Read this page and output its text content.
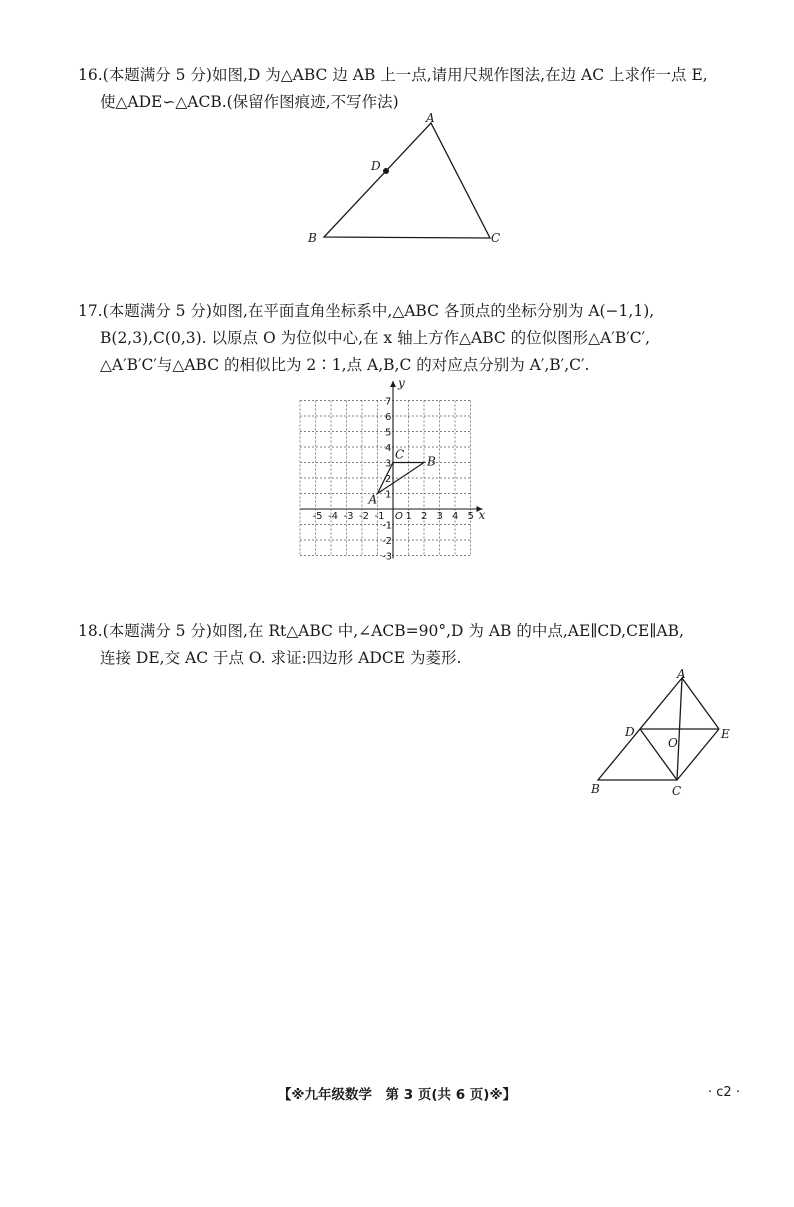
16.(本题满分 5 分)如图,D 为△ABC 边 AB 上一点,请用尺规作图法,在边 AC 上求作一点 E,

使△ADE∽△ACB.(保留作图痕迹,不写作法)

A
B	C
D

17.(本题满分 5 分)如图,在平面直角坐标系中,△ABC 各顶点的坐标分别为 A(−1,1),

B(2,3),C(0,3). 以原点 O 为位似中心,在 x 轴上方作△ABC 的位似图形△A′B′C′,

△A′B′C′与△ABC 的相似比为 2∶1,点 A,B,C 的对应点分别为 A′,B′,C′.

-5 -4 -3 -2 -1 1 2 3 4 5
7
6
5
4
3
2
1
-1
-2
-3
A
B
C
x
y
O

18.(本题满分 5 分)如图,在 Rt△ABC 中,∠ACB=90°,D 为 AB 的中点,AE∥CD,CE∥AB,

连接 DE,交 AC 于点 O. 求证:四边形 ADCE 为菱形.

A
B	C
D	E
O
【※九年级数学　第 3 页(共 6 页)※】	· c2 ·
